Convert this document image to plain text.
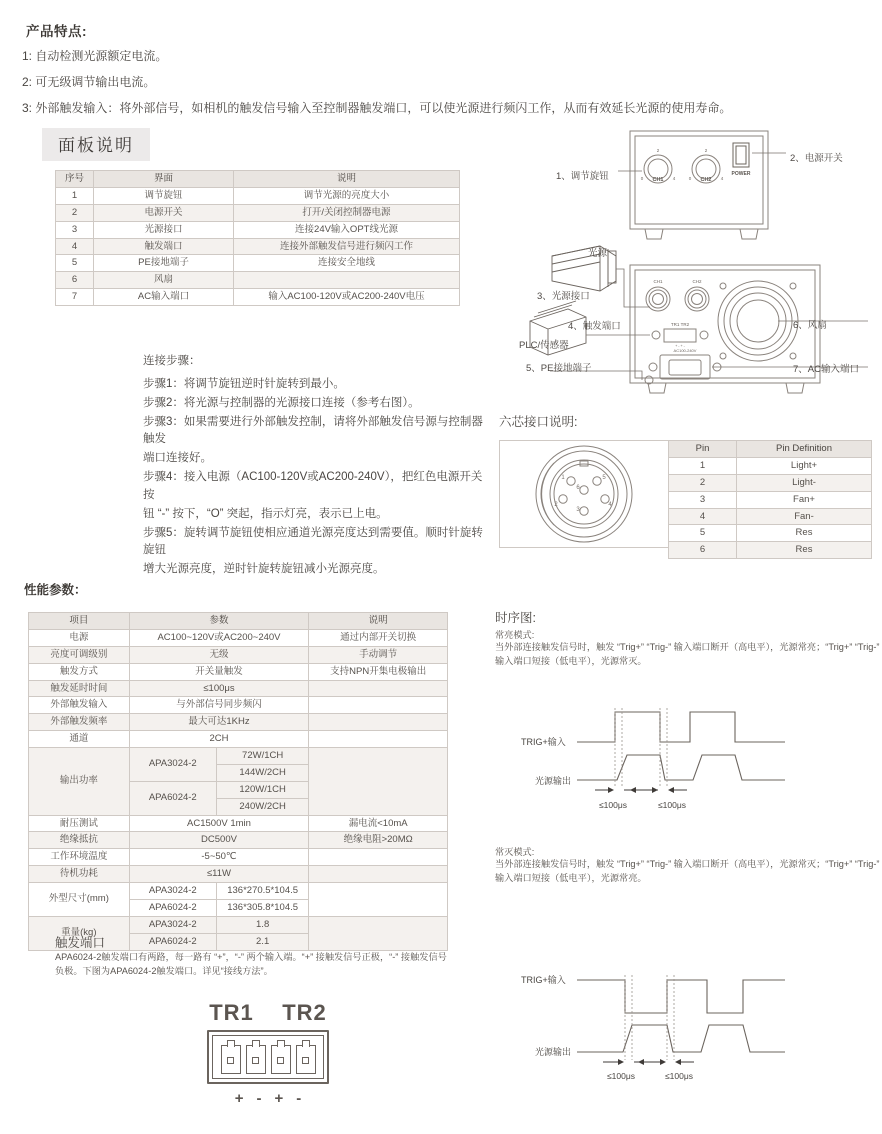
产品特点:
1: 自动检测光源额定电流。
2: 可无级调节输出电流。
3: 外部触发输入：将外部信号，如相机的触发信号输入至控制器触发端口，可以使光源进行频闪工作，从而有效延长光源的使用寿命。
面板说明
序号	界面	说明
1	调节旋钮	调节光源的亮度大小
2	电源开关	打开/关闭控制器电源
3	光源接口	连接24V输入OPT线光源
4	触发端口	连接外部触发信号进行频闪工作
5	PE接地端子	连接安全地线
6	风扇	
7	AC输入端口	输入AC100-120V或AC200-240V电压
连接步骤：
步骤1：将调节旋钮逆时针旋转到最小。
步骤2：将光源与控制器的光源接口连接（参考右图）。
步骤3：如果需要进行外部触发控制，请将外部触发信号源与控制器触发
端口连接好。
步骤4：接入电源（AC100-120V或AC200-240V），把红色电源开关按
钮 “-” 按下，“O” 突起，指示灯亮，表示已上电。
步骤5：旋转调节旋钮使相应通道光源亮度达到需要值。顺时针旋转旋钮
增大光源亮度，逆时针旋转旋钮减小光源亮度。
2
0	4
2
0	4
CH1	CH2
POWER
1、调节旋钮
2、电源开关
CH1	CH2
TR1 TR2
+ - + -
AC100-240V
6、风扇
7、AC输入端口
光源
3、光源接口
4、触发端口
PLC/传感器
5、PE接地端子
六芯接口说明:
1
2
3
4
5
6
Pin	Pin Definition
1	Light+
2	Light-
3	Fan+
4	Fan-
5	Res
6	Res
性能参数：
项目	参数		说明
电源	AC100~120V或AC200~240V		通过内部开关切换
亮度可调级别	无级		手动调节
触发方式	开关量触发		支持NPN开集电极输出
触发延时时间	≤100μs		
外部触发输入	与外部信号同步频闪		
外部触发频率	最大可达1KHz		
通道	2CH		
输出功率	APA3024-2	72W/1CH	
		144W/2CH	
	APA6024-2	120W/1CH	
		240W/2CH	
耐压测试	AC1500V 1min		漏电流<10mA
绝缘抵抗	DC500V		绝缘电阻>20MΩ
工作环境温度	-5~50℃		
待机功耗	≤11W		
外型尺寸(mm)	APA3024-2	136*270.5*104.5	
	APA6024-2	136*305.8*104.5	
重量(kg)	APA3024-2	1.8	
	APA6024-2	2.1	
时序图:
常亮模式:
当外部连接触发信号时，触发 “Trig+” “Trig-” 输入端口断开（高电平），光源常亮；“Trig+” “Trig-” 输入端口短接（低电平），光源常灭。
TRIG+输入
光源输出
≤100μs	≤100μs
常灭模式:
当外部连接触发信号时，触发 “Trig+” “Trig-” 输入端口断开（高电平），光源常灭；“Trig+” “Trig-” 输入端口短接（低电平），光源常亮。
TRIG+输入
光源输出
≤100μs	≤100μs
触发端口
APA6024-2触发端口有两路，每一路有 “+”，“-” 两个输入端。“+” 接触发信号正极，“-” 接触发信号负极。下图为APA6024-2触发端口。详见“接线方法”。
TR1 TR2
+ - + -
